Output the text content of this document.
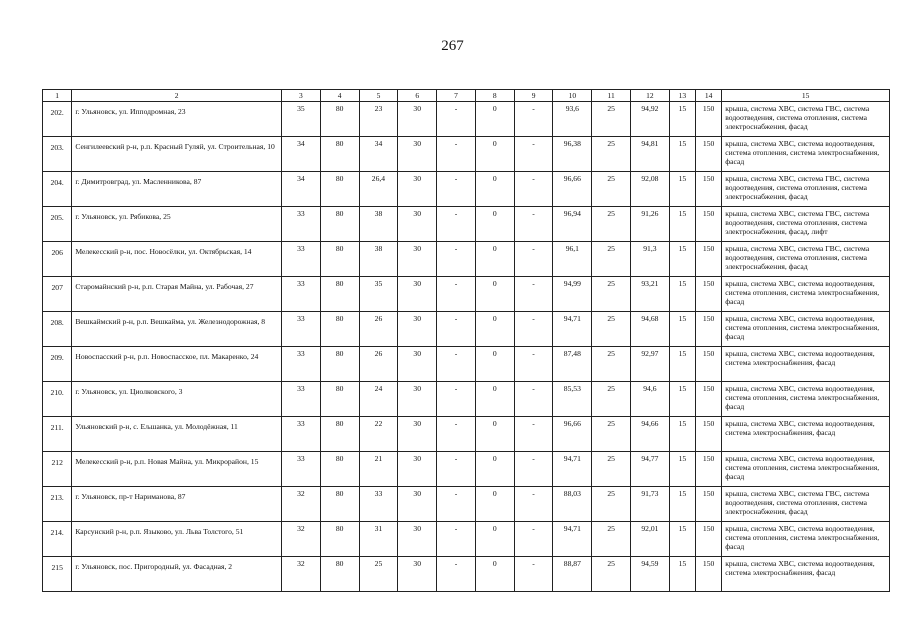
267
1	2	3	4	5	6	7	8	9	10	11	12	13	14	15
202.	г. Ульяновск, ул. Ипподромная, 23	35	80	23	30	-	0	-	93,6	25	94,92	15	150	крыша, система ХВС, система ГВС, система водоотведения, система отопления, система электроснабжения, фасад
203.	Сенгилеевский р-н, р.п. Красный Гуляй, ул. Строительная, 10	34	80	34	30	-	0	-	96,38	25	94,81	15	150	крыша, система ХВС, система водоотведения, система отопления, система электроснабжения, фасад
204.	г. Димитровград, ул. Масленникова, 87	34	80	26,4	30	-	0	-	96,66	25	92,08	15	150	крыша, система ХВС, система ГВС, система водоотведения, система отопления, система электроснабжения, фасад
205.	г. Ульяновск, ул. Рябикова, 25	33	80	38	30	-	0	-	96,94	25	91,26	15	150	крыша, система ХВС, система ГВС, система водоотведения, система отопления, система электроснабжения, фасад, лифт
206	Мелекесский р-н, пос. Новосёлки, ул. Октябрьская, 14	33	80	38	30	-	0	-	96,1	25	91,3	15	150	крыша, система ХВС, система ГВС, система водоотведения, система отопления, система электроснабжения, фасад
207	Старомайнский р-н, р.п. Старая Майна, ул. Рабочая, 27	33	80	35	30	-	0	-	94,99	25	93,21	15	150	крыша, система ХВС, система водоотведения, система отопления, система электроснабжения, фасад
208.	Вешкаймский р-н, р.п. Вешкайма, ул. Железнодорожная, 8	33	80	26	30	-	0	-	94,71	25	94,68	15	150	крыша, система ХВС, система водоотведения, система отопления, система электроснабжения, фасад
209.	Новоспасский р-н, р.п. Новоспасское, пл. Макаренко, 24	33	80	26	30	-	0	-	87,48	25	92,97	15	150	крыша, система ХВС, система водоотведения, система электроснабжения, фасад
210.	г. Ульяновск, ул. Циолковского, 3	33	80	24	30	-	0	-	85,53	25	94,6	15	150	крыша, система ХВС, система водоотведения, система отопления, система электроснабжения, фасад
211.	Ульяновский р-н, с. Ељшанка, ул. Молодёжная, 11	33	80	22	30	-	0	-	96,66	25	94,66	15	150	крыша, система ХВС, система водоотведения, система электроснабжения, фасад
212	Мелекесский р-н, р.п. Новая Майна, ул. Микрорайон, 15	33	80	21	30	-	0	-	94,71	25	94,77	15	150	крыша, система ХВС, система водоотведения, система отопления, система электроснабжения, фасад
213.	г. Ульяновск, пр-т Нариманова, 87	32	80	33	30	-	0	-	88,03	25	91,73	15	150	крыша, система ХВС, система ГВС, система водоотведения, система отопления, система электроснабжения, фасад
214.	Карсунский р-н, р.п. Языково, ул. Льва Толстого, 51	32	80	31	30	-	0	-	94,71	25	92,01	15	150	крыша, система ХВС, система водоотведения, система отопления, система электроснабжения, фасад
215	г. Ульяновск, пос. Пригородный, ул. Фасадная, 2	32	80	25	30	-	0	-	88,87	25	94,59	15	150	крыша, система ХВС, система водоотведения, система электроснабжения, фасад
